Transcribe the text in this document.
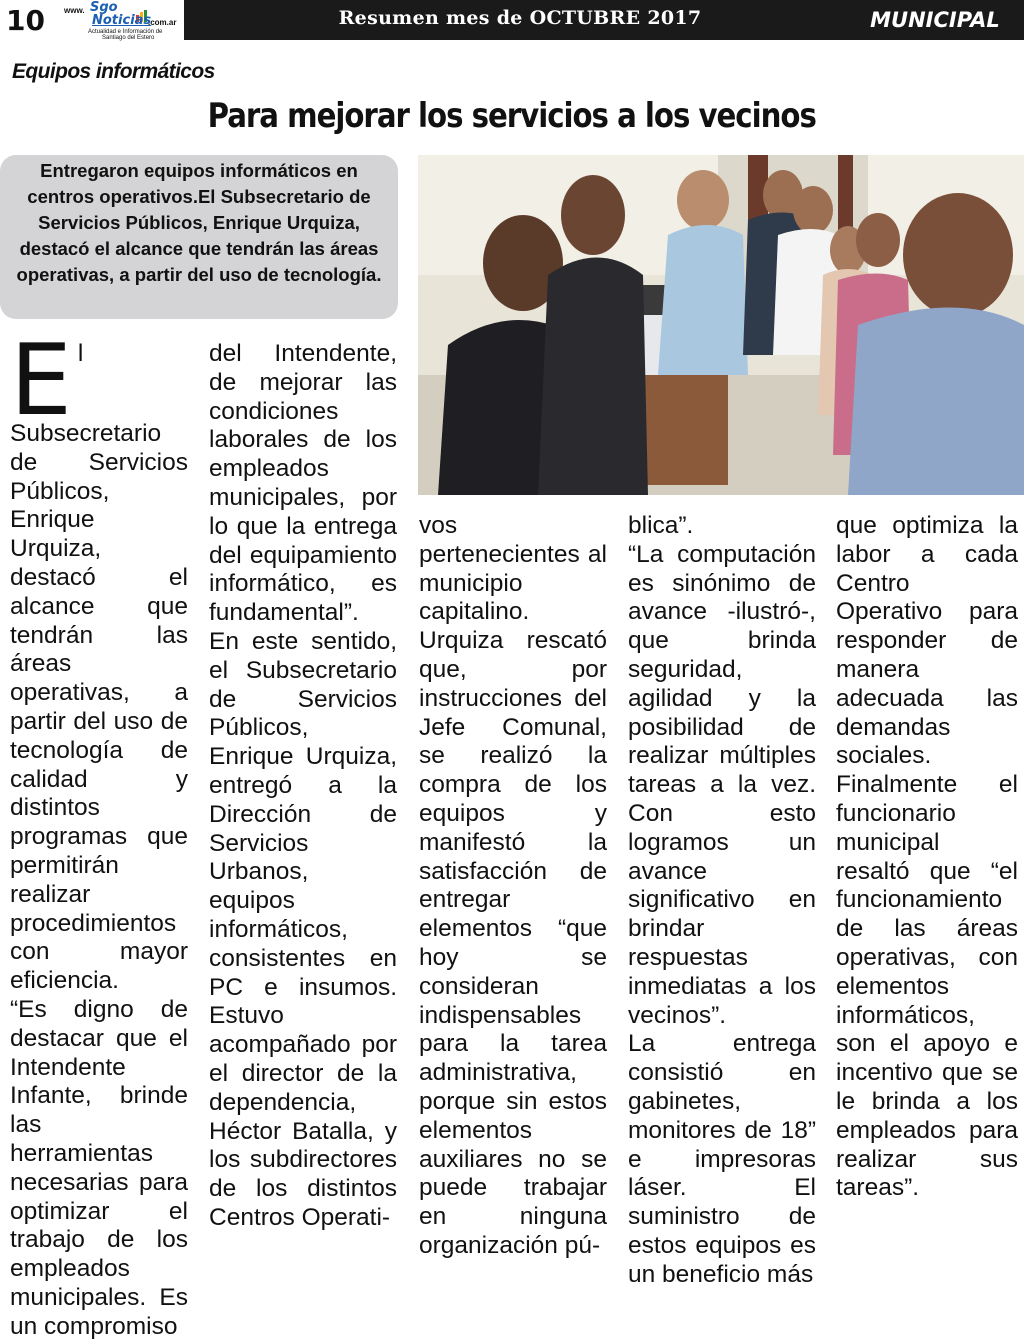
10	www. Sgo
Noticias
.com.ar
Actualidad e Información de
Santiago del Estero
Resumen mes de OCTUBRE 2017	MUNICIPAL
Equipos informáticos
Para mejorar los servicios a los vecinos
Entregaron equipos informáticos en centros operativos.El Subsecretario de Servicios Públicos, Enrique Urquiza, destacó el alcance que tendrán las áreas operativas, a partir del uso de tecnología.
E l Subsecretario de Servicios Públicos, Enrique Urquiza, destacó el alcance que tendrán las áreas operativas, a partir del uso de tecnología de calidad y distintos programas que permitirán realizar procedimientos con mayor eficiencia.

“Es digno de destacar que el Intendente Infante, brinde las herramientas necesarias para optimizar el trabajo de los empleados municipales. Es un compromiso

del Intendente, de mejorar las condiciones laborales de los empleados municipales, por lo que la entrega del equipamiento informático, es fundamental”.

En este sentido, el Subsecretario de Servicios Públicos, Enrique Urquiza, entregó a la Dirección de Servicios Urbanos, equipos informáticos, consistentes en PC e insumos. Estuvo acompañado por el director de la dependencia, Héctor Batalla, y los subdirectores de los distintos Centros Operati-

vos pertenecientes al municipio capitalino.

Urquiza rescató que, por instrucciones del Jefe Comunal, se realizó la compra de los equipos y manifestó la satisfacción de entregar elementos “que hoy se consideran indispensables para la tarea administrativa, porque sin estos elementos auxiliares no se puede trabajar en ninguna organización pú-

blica”.

“La computación es sinónimo de avance -ilustró-, que brinda seguridad, agilidad y la posibilidad de realizar múltiples tareas a la vez. Con esto logramos un avance significativo en brindar respuestas inmediatas a los vecinos”.

La entrega consistió en gabinetes, monitores de 18” e impresoras láser. El suministro de estos equipos es un beneficio más

que optimiza la labor a cada Centro Operativo para responder de manera adecuada las demandas sociales.

Finalmente el funcionario municipal resaltó que “el funcionamiento de las áreas operativas, con elementos informáticos, son el apoyo e incentivo que se le brinda a los empleados para realizar sus tareas”.
